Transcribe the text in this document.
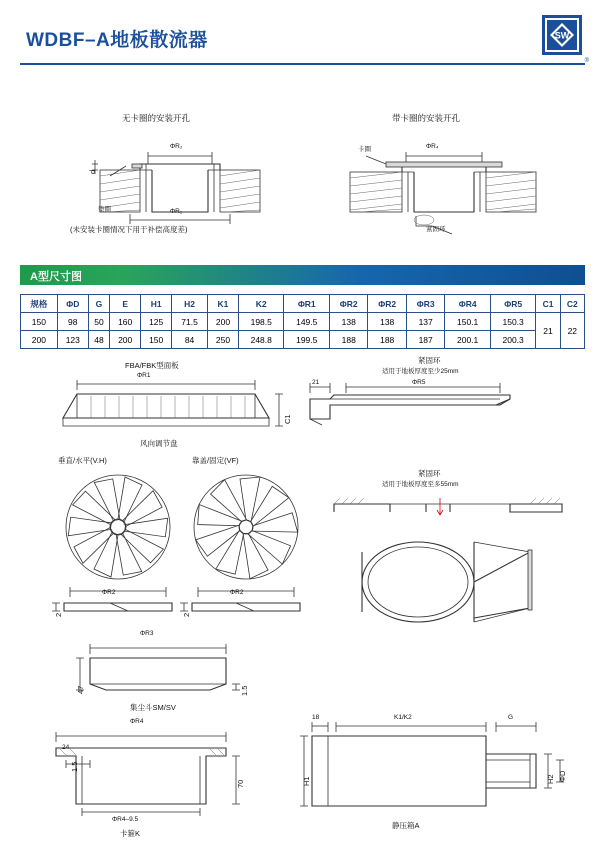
WDBF–A地板散流器	SW
®
无卡圈的安装开孔
ΦR₂
ΦR₁
垫圈
d
(未安装卡圈情况下用于补偿高度差)
带卡圈的安装开孔
卡圈	ΦR₄
紧固环
A型尺寸图
规格	ΦD	G	E	H1	H2	K1	K2	ΦR1	ΦR2	ΦR2	ΦR3	ΦR4	ΦR5	C1	C2
150	98	50	160	125	71.5	200	198.5	149.5	138	138	137	150.1	150.3	21	22
200	123	48	200	150	84	250	248.8	199.5	188	188	187	200.1	200.3		
FBA/FBK型面板
ΦR1
C1
风向调节盘
紧固环
适用于地板厚度至少25mm
21	ΦR5
垂直/水平(V.H)
ΦR2
2
靠盖/固定(VF)
ΦR2
2
紧固环
适用于地板厚度至多55mm
ΦR3
47	1.5
集尘斗SM/SV
ΦR4
24
1.5
70
ΦR4–9.5
卡箍K
18	K1/K2	G
H1	H2 ΦD
静压箱A
